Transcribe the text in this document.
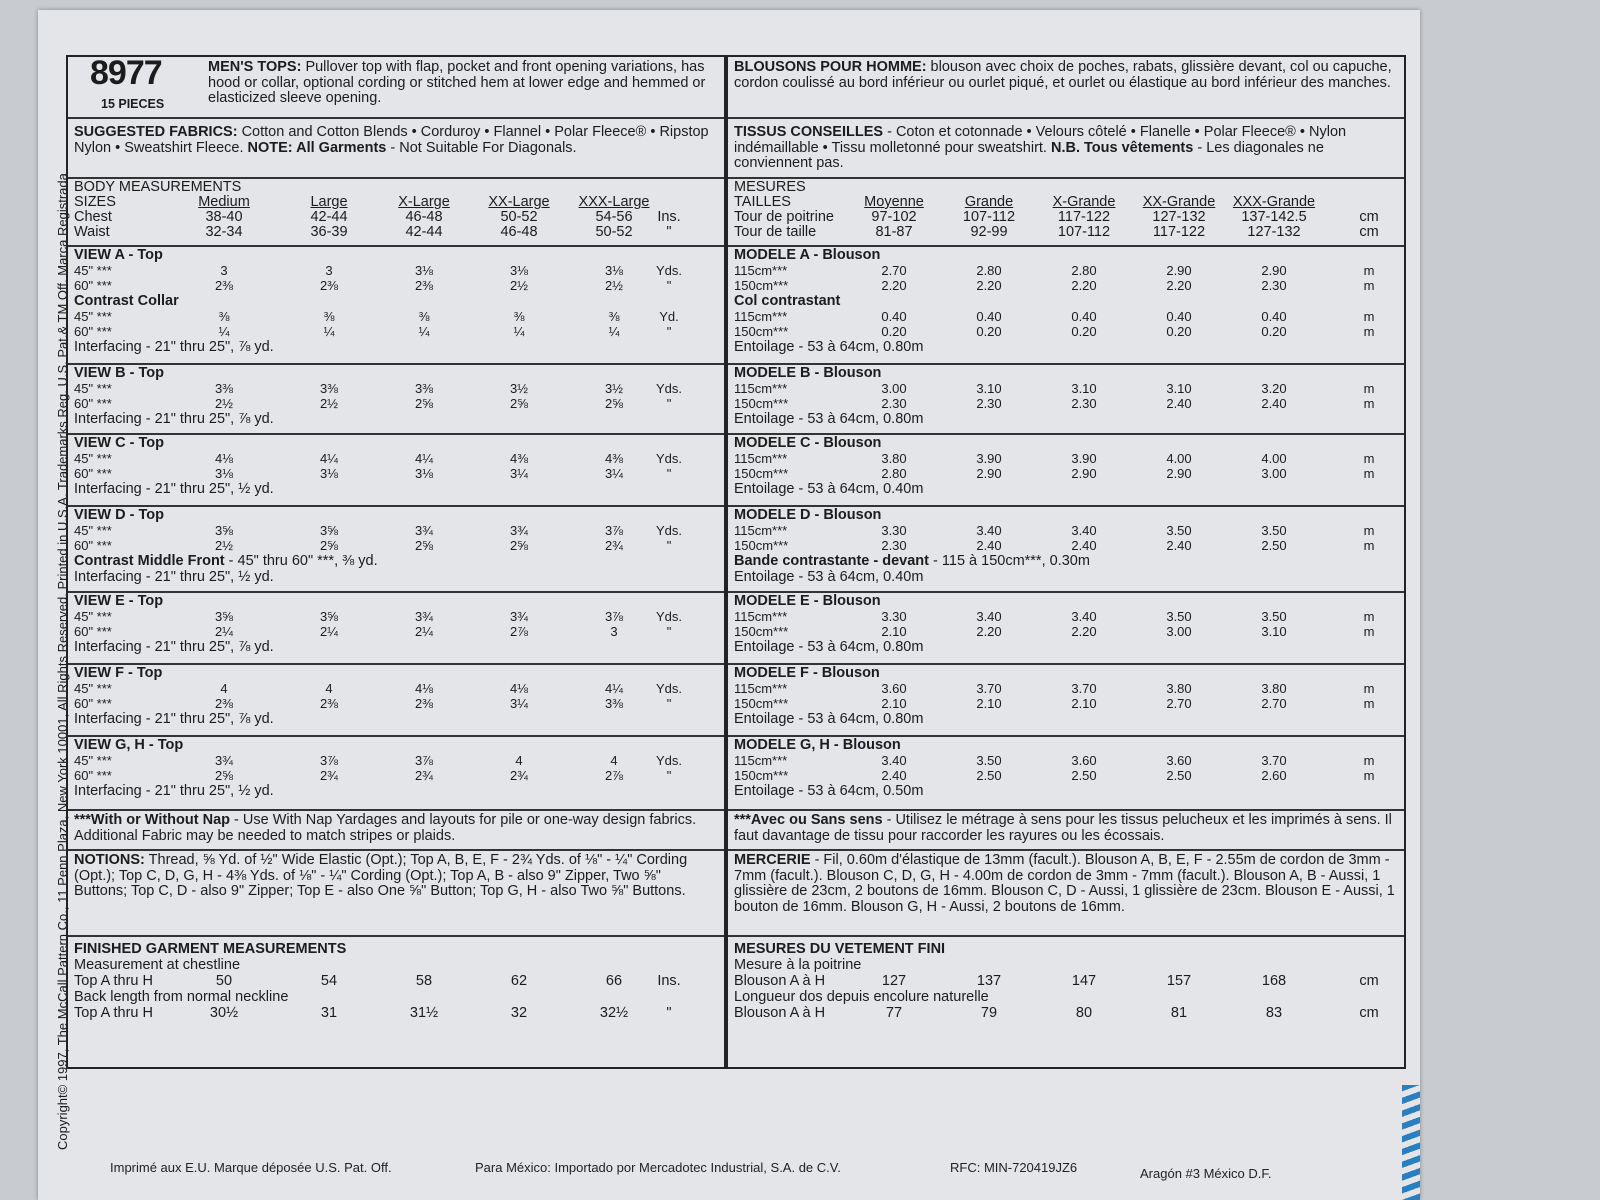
Copyright© 1997, The McCall Pattern Co., 11 Penn Plaza, New York 10001, All Rights Reserved. Printed in U.S.A. Trademarks Reg. U.S. Pat.& TM Off. Marca Registrada
8977
15 PIECES
MEN'S TOPS: Pullover top with flap, pocket and front opening variations, has hood or collar, optional cording or stitched hem at lower edge and hemmed or elasticized sleeve opening.
SUGGESTED FABRICS: Cotton and Cotton Blends • Corduroy • Flannel • Polar Fleece® • Ripstop Nylon • Sweatshirt Fleece. NOTE: All Garments - Not Suitable For Diagonals.
BODY MEASUREMENTS
SIZES	Medium	Large	X-Large	XX-Large	XXX-Large
Chest	38-40	42-44	46-48	50-52	54-56	Ins.
Waist	32-34	36-39	42-44	46-48	50-52	"
VIEW A - Top
45" ***	3	3	3⅛	3⅛	3⅛	Yds.
60" ***	2⅜	2⅜	2⅜	2½	2½	"
Contrast Collar
45" ***	⅜	⅜	⅜	⅜	⅜	Yd.
60" ***	¼	¼	¼	¼	¼	"
Interfacing - 21" thru 25", ⅞ yd.
VIEW B - Top
45" ***	3⅜	3⅜	3⅜	3½	3½	Yds.
60" ***	2½	2½	2⅝	2⅝	2⅝	"
Interfacing - 21" thru 25", ⅞ yd.
VIEW C - Top
45" ***	4⅛	4¼	4¼	4⅜	4⅜	Yds.
60" ***	3⅛	3⅛	3⅛	3¼	3¼	"
Interfacing - 21" thru 25", ½ yd.
VIEW D - Top
45" ***	3⅝	3⅝	3¾	3¾	3⅞	Yds.
60" ***	2½	2⅝	2⅝	2⅝	2¾	"
Contrast Middle Front - 45" thru 60" ***, ⅜ yd.
Interfacing - 21" thru 25", ½ yd.
VIEW E - Top
45" ***	3⅝	3⅝	3¾	3¾	3⅞	Yds.
60" ***	2¼	2¼	2¼	2⅞	3	"
Interfacing - 21" thru 25", ⅞ yd.
VIEW F - Top
45" ***	4	4	4⅛	4⅛	4¼	Yds.
60" ***	2⅜	2⅜	2⅜	3¼	3⅜	"
Interfacing - 21" thru 25", ⅞ yd.
VIEW G, H - Top
45" ***	3¾	3⅞	3⅞	4	4	Yds.
60" ***	2⅝	2¾	2¾	2¾	2⅞	"
Interfacing - 21" thru 25", ½ yd.
***With or Without Nap - Use With Nap Yardages and layouts for pile or one-way design fabrics. Additional Fabric may be needed to match stripes or plaids.
NOTIONS: Thread, ⅝ Yd. of ½" Wide Elastic (Opt.); Top A, B, E, F - 2¾ Yds. of ⅛" - ¼" Cording (Opt.); Top C, D, G, H - 4⅜ Yds. of ⅛" - ¼" Cording (Opt.); Top A, B - also 9" Zipper, Two ⅝" Buttons; Top C, D - also 9" Zipper; Top E - also One ⅝" Button; Top G, H - also Two ⅝" Buttons.
FINISHED GARMENT MEASUREMENTS
Measurement at chestline
Top A thru H	50	54	58	62	66	Ins.
Back length from normal neckline
Top A thru H	30½	31	31½	32	32½	"
BLOUSONS POUR HOMME: blouson avec choix de poches, rabats, glissière devant, col ou capuche, cordon coulissé au bord inférieur ou ourlet piqué, et ourlet ou élastique au bord inférieur des manches.
TISSUS CONSEILLES - Coton et cotonnade • Velours côtelé • Flanelle • Polar Fleece® • Nylon indémaillable • Tissu molletonné pour sweatshirt. N.B. Tous vêtements - Les diagonales ne conviennent pas.
MESURES
TAILLES	Moyenne	Grande	X-Grande	XX-Grande	XXX-Grande
Tour de poitrine	97-102	107-112	117-122	127-132	137-142.5	cm
Tour de taille	81-87	92-99	107-112	117-122	127-132	cm
MODELE A - Blouson
115cm***	2.70	2.80	2.80	2.90	2.90	m
150cm***	2.20	2.20	2.20	2.20	2.30	m
Col contrastant
115cm***	0.40	0.40	0.40	0.40	0.40	m
150cm***	0.20	0.20	0.20	0.20	0.20	m
Entoilage - 53 à 64cm, 0.80m
MODELE B - Blouson
115cm***	3.00	3.10	3.10	3.10	3.20	m
150cm***	2.30	2.30	2.30	2.40	2.40	m
Entoilage - 53 à 64cm, 0.80m
MODELE C - Blouson
115cm***	3.80	3.90	3.90	4.00	4.00	m
150cm***	2.80	2.90	2.90	2.90	3.00	m
Entoilage - 53 à 64cm, 0.40m
MODELE D - Blouson
115cm***	3.30	3.40	3.40	3.50	3.50	m
150cm***	2.30	2.40	2.40	2.40	2.50	m
Bande contrastante - devant - 115 à 150cm***, 0.30m
Entoilage - 53 à 64cm, 0.40m
MODELE E - Blouson
115cm***	3.30	3.40	3.40	3.50	3.50	m
150cm***	2.10	2.20	2.20	3.00	3.10	m
Entoilage - 53 à 64cm, 0.80m
MODELE F - Blouson
115cm***	3.60	3.70	3.70	3.80	3.80	m
150cm***	2.10	2.10	2.10	2.70	2.70	m
Entoilage - 53 à 64cm, 0.80m
MODELE G, H - Blouson
115cm***	3.40	3.50	3.60	3.60	3.70	m
150cm***	2.40	2.50	2.50	2.50	2.60	m
Entoilage - 53 à 64cm, 0.50m
***Avec ou Sans sens - Utilisez le métrage à sens pour les tissus pelucheux et les imprimés à sens. Il faut davantage de tissu pour raccorder les rayures ou les écossais.
MERCERIE - Fil, 0.60m d'élastique de 13mm (facult.). Blouson A, B, E, F - 2.55m de cordon de 3mm - 7mm (facult.). Blouson C, D, G, H - 4.00m de cordon de 3mm - 7mm (facult.). Blouson A, B - Aussi, 1 glissière de 23cm, 2 boutons de 16mm. Blouson C, D - Aussi, 1 glissière de 23cm. Blouson E - Aussi, 1 bouton de 16mm. Blouson G, H - Aussi, 2 boutons de 16mm.
MESURES DU VETEMENT FINI
Mesure à la poitrine
Blouson A à H	127	137	147	157	168	cm
Longueur dos depuis encolure naturelle
Blouson A à H	77	79	80	81	83	cm
Imprimé aux E.U. Marque déposée U.S. Pat. Off.	Para México: Importado por Mercadotec Industrial, S.A. de C.V.	RFC: MIN-720419JZ6	Aragón #3 México D.F.
